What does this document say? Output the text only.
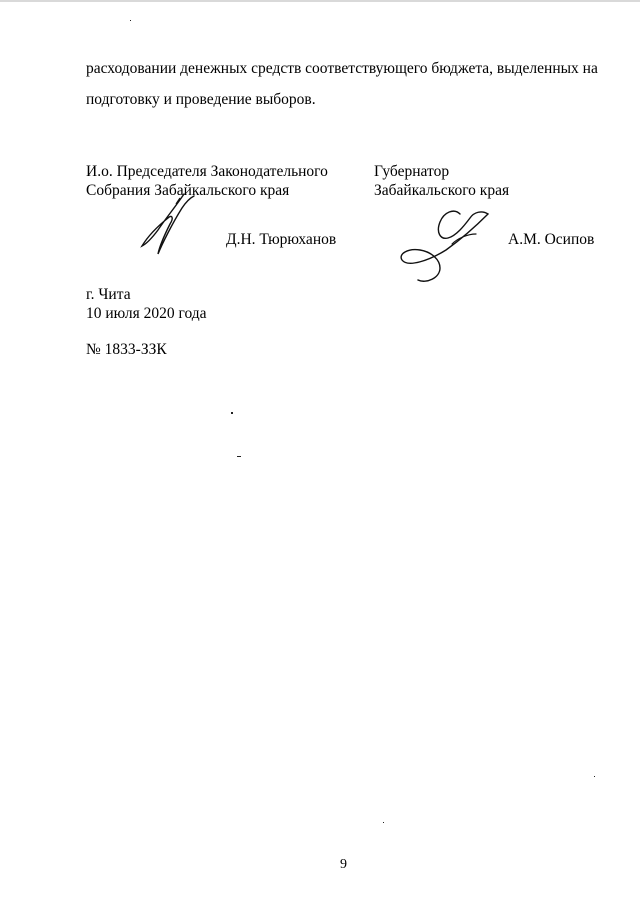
расходовании денежных средств соответствующего бюджета, выделенных на
подготовку и проведение выборов.
И.о. Председателя Законодательного
Собрания Забайкальского края
Д.Н. Тюрюханов
Губернатор
Забайкальского края
А.М. Осипов
г. Чита
10 июля 2020 года
№ 1833-ЗЗК
9
